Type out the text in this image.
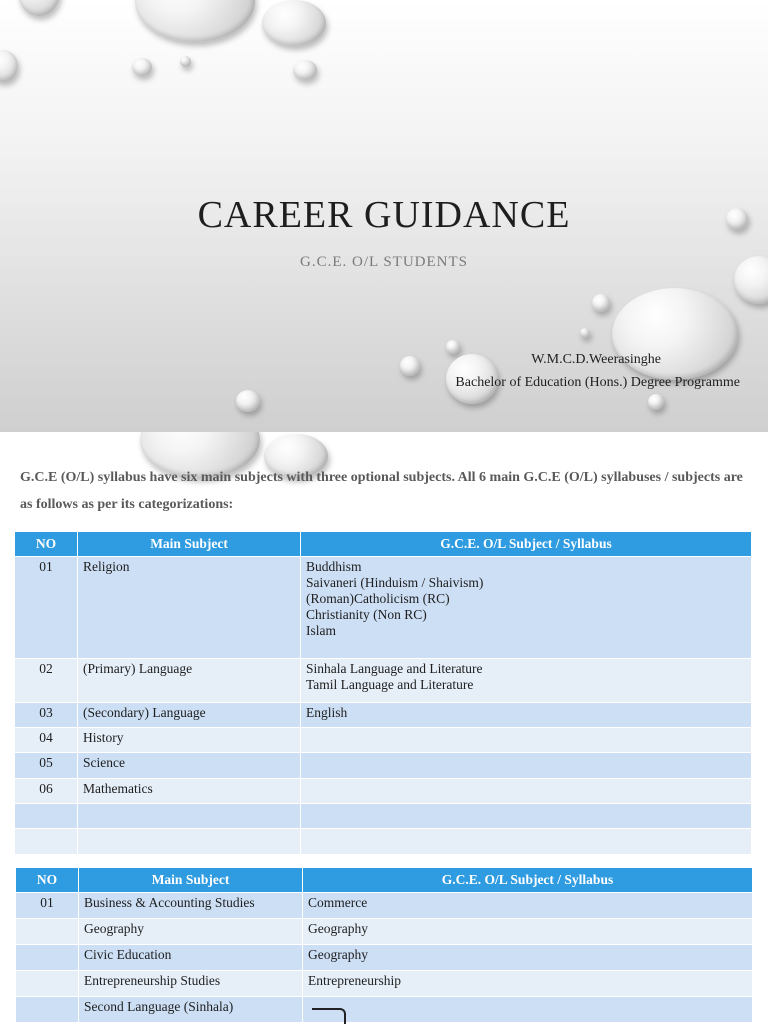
CAREER GUIDANCE
G.C.E. O/L STUDENTS
W.M.C.D.Weerasinghe
Bachelor of Education (Hons.) Degree Programme
G.C.E (O/L) syllabus have six main subjects with three optional subjects. All 6 main G.C.E (O/L) syllabuses / subjects are as follows as per its categorizations:
NO	Main Subject	G.C.E. O/L Subject / Syllabus
01	Religion	Buddhism
Saivaneri (Hinduism / Shaivism)
(Roman)Catholicism (RC)
Christianity (Non RC)
Islam

02	(Primary) Language	Sinhala Language and Literature
Tamil Language and Literature

03	(Secondary) Language	English
04	History	
05	Science	
06	Mathematics	

NO	Main Subject	G.C.E. O/L Subject / Syllabus
01	Business & Accounting Studies	Commerce
	Geography	Geography
	Civic Education	Geography
	Entrepreneurship Studies	Entrepreneurship
	Second Language (Sinhala)	
